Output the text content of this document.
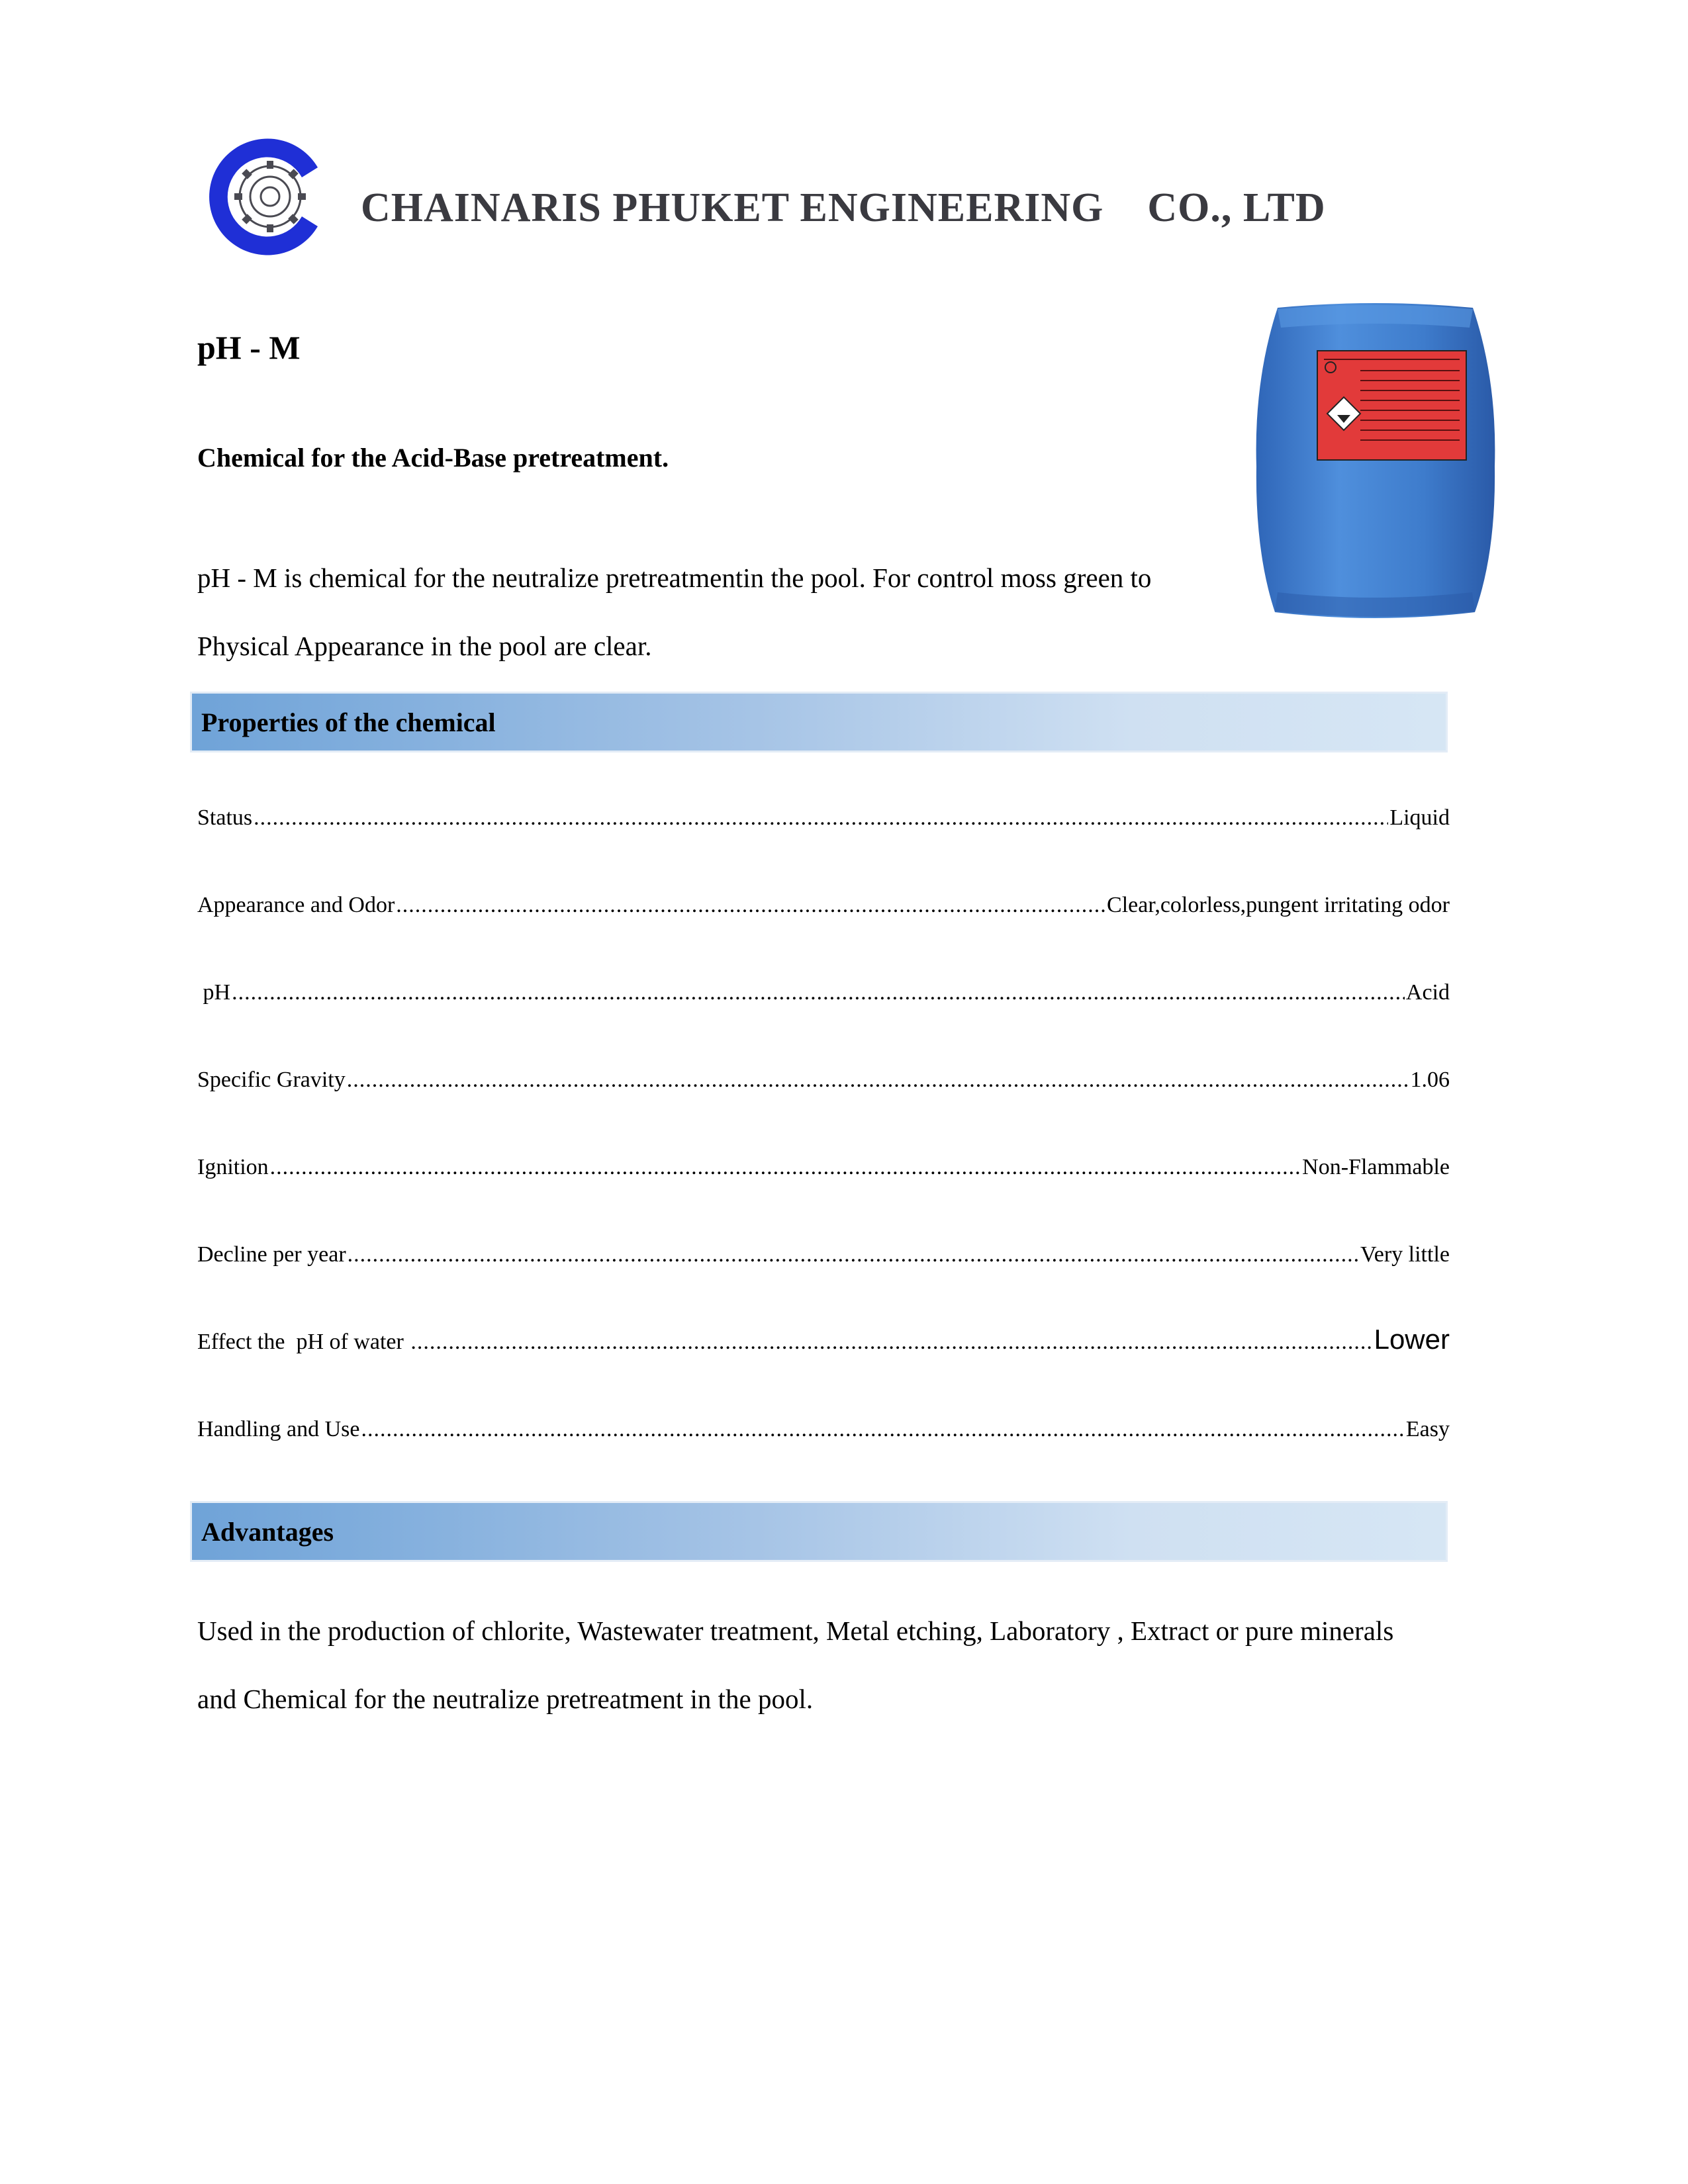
CHAINARIS PHUKET ENGINEERING    CO., LTD
pH - M
Chemical for the Acid-Base pretreatment.
pH - M is chemical for the neutralize pretreatmentin the pool. For control moss green to
Physical Appearance in the pool are clear.
Properties of the chemical
Status .....	Liquid
Appearance and Odor .....	Clear,colorless,pungent irritating odor
pH .....	Acid
Specific Gravity .....	1.06
Ignition .....	Non-Flammable
Decline per year .....	Very little
Effect the  pH of water .....	Lower
Handling and Use .....	Easy
Advantages
Used in the production of chlorite, Wastewater treatment, Metal etching, Laboratory , Extract or pure minerals
and Chemical for the neutralize pretreatment in the pool.
